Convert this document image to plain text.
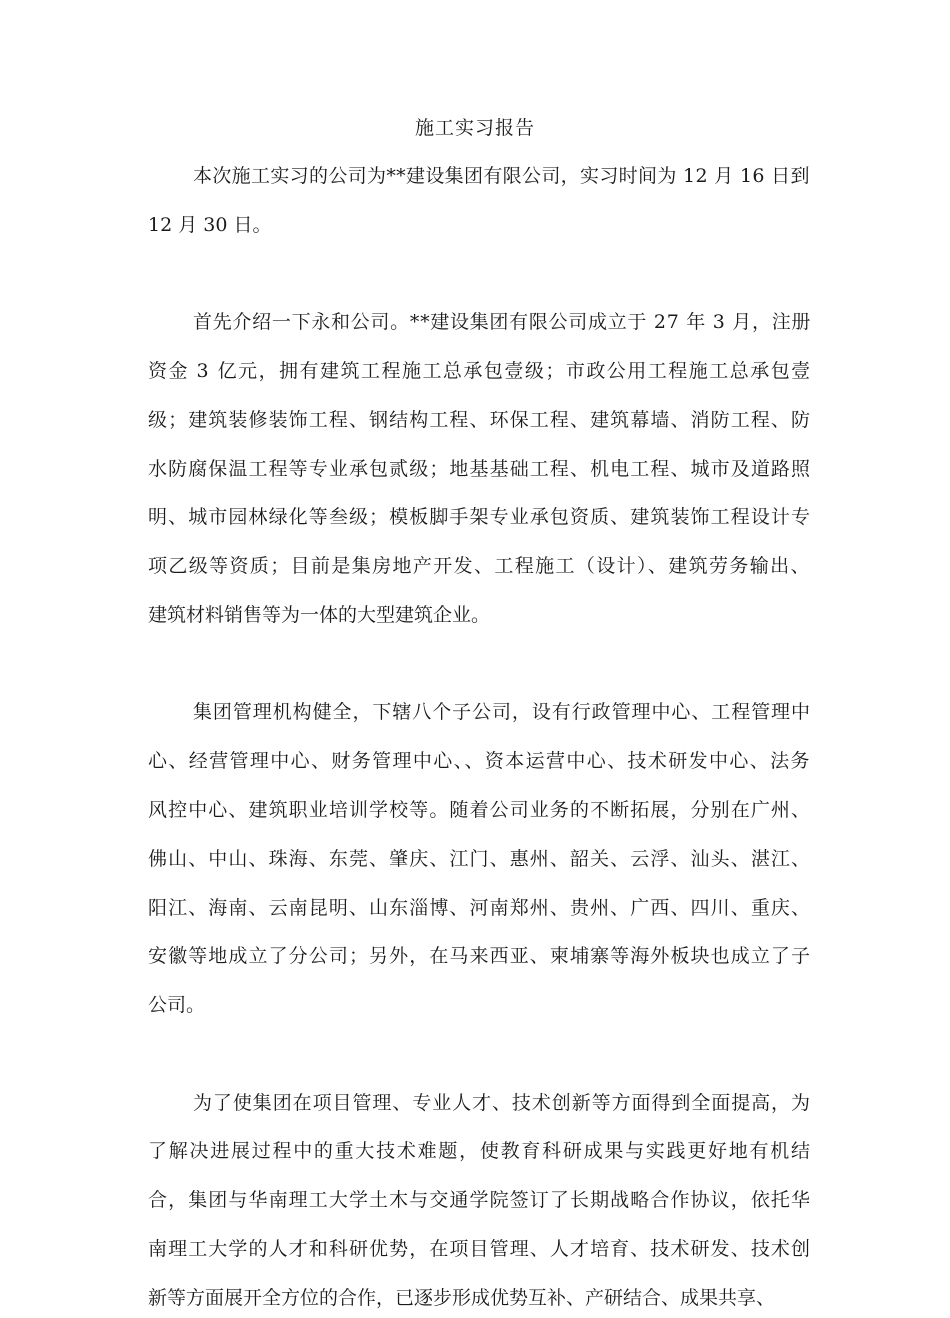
施工实习报告
本次施工实习的公司为**建设集团有限公司，实习时间为 12 月 16 日到
12 月 30 日。
首先介绍一下永和公司。**建设集团有限公司成立于 27 年 3 月，注册
资金 3 亿元，拥有建筑工程施工总承包壹级；市政公用工程施工总承包壹
级；建筑装修装饰工程、钢结构工程、环保工程、建筑幕墙、消防工程、防
水防腐保温工程等专业承包贰级；地基基础工程、机电工程、城市及道路照
明、城市园林绿化等叁级；模板脚手架专业承包资质、建筑装饰工程设计专
项乙级等资质；目前是集房地产开发、工程施工（设计）、建筑劳务输出、
建筑材料销售等为一体的大型建筑企业。
集团管理机构健全，下辖八个子公司，设有行政管理中心、工程管理中
心、经营管理中心、财务管理中心、、资本运营中心、技术研发中心、法务
风控中心、建筑职业培训学校等。随着公司业务的不断拓展，分别在广州、
佛山、中山、珠海、东莞、肇庆、江门、惠州、韶关、云浮、汕头、湛江、
阳江、海南、云南昆明、山东淄博、河南郑州、贵州、广西、四川、重庆、
安徽等地成立了分公司；另外，在马来西亚、柬埔寨等海外板块也成立了子
公司。
为了使集团在项目管理、专业人才、技术创新等方面得到全面提高，为
了解决进展过程中的重大技术难题，使教育科研成果与实践更好地有机结
合，集团与华南理工大学土木与交通学院签订了长期战略合作协议，依托华
南理工大学的人才和科研优势，在项目管理、人才培育、技术研发、技术创
新等方面展开全方位的合作，已逐步形成优势互补、产研结合、成果共享、
